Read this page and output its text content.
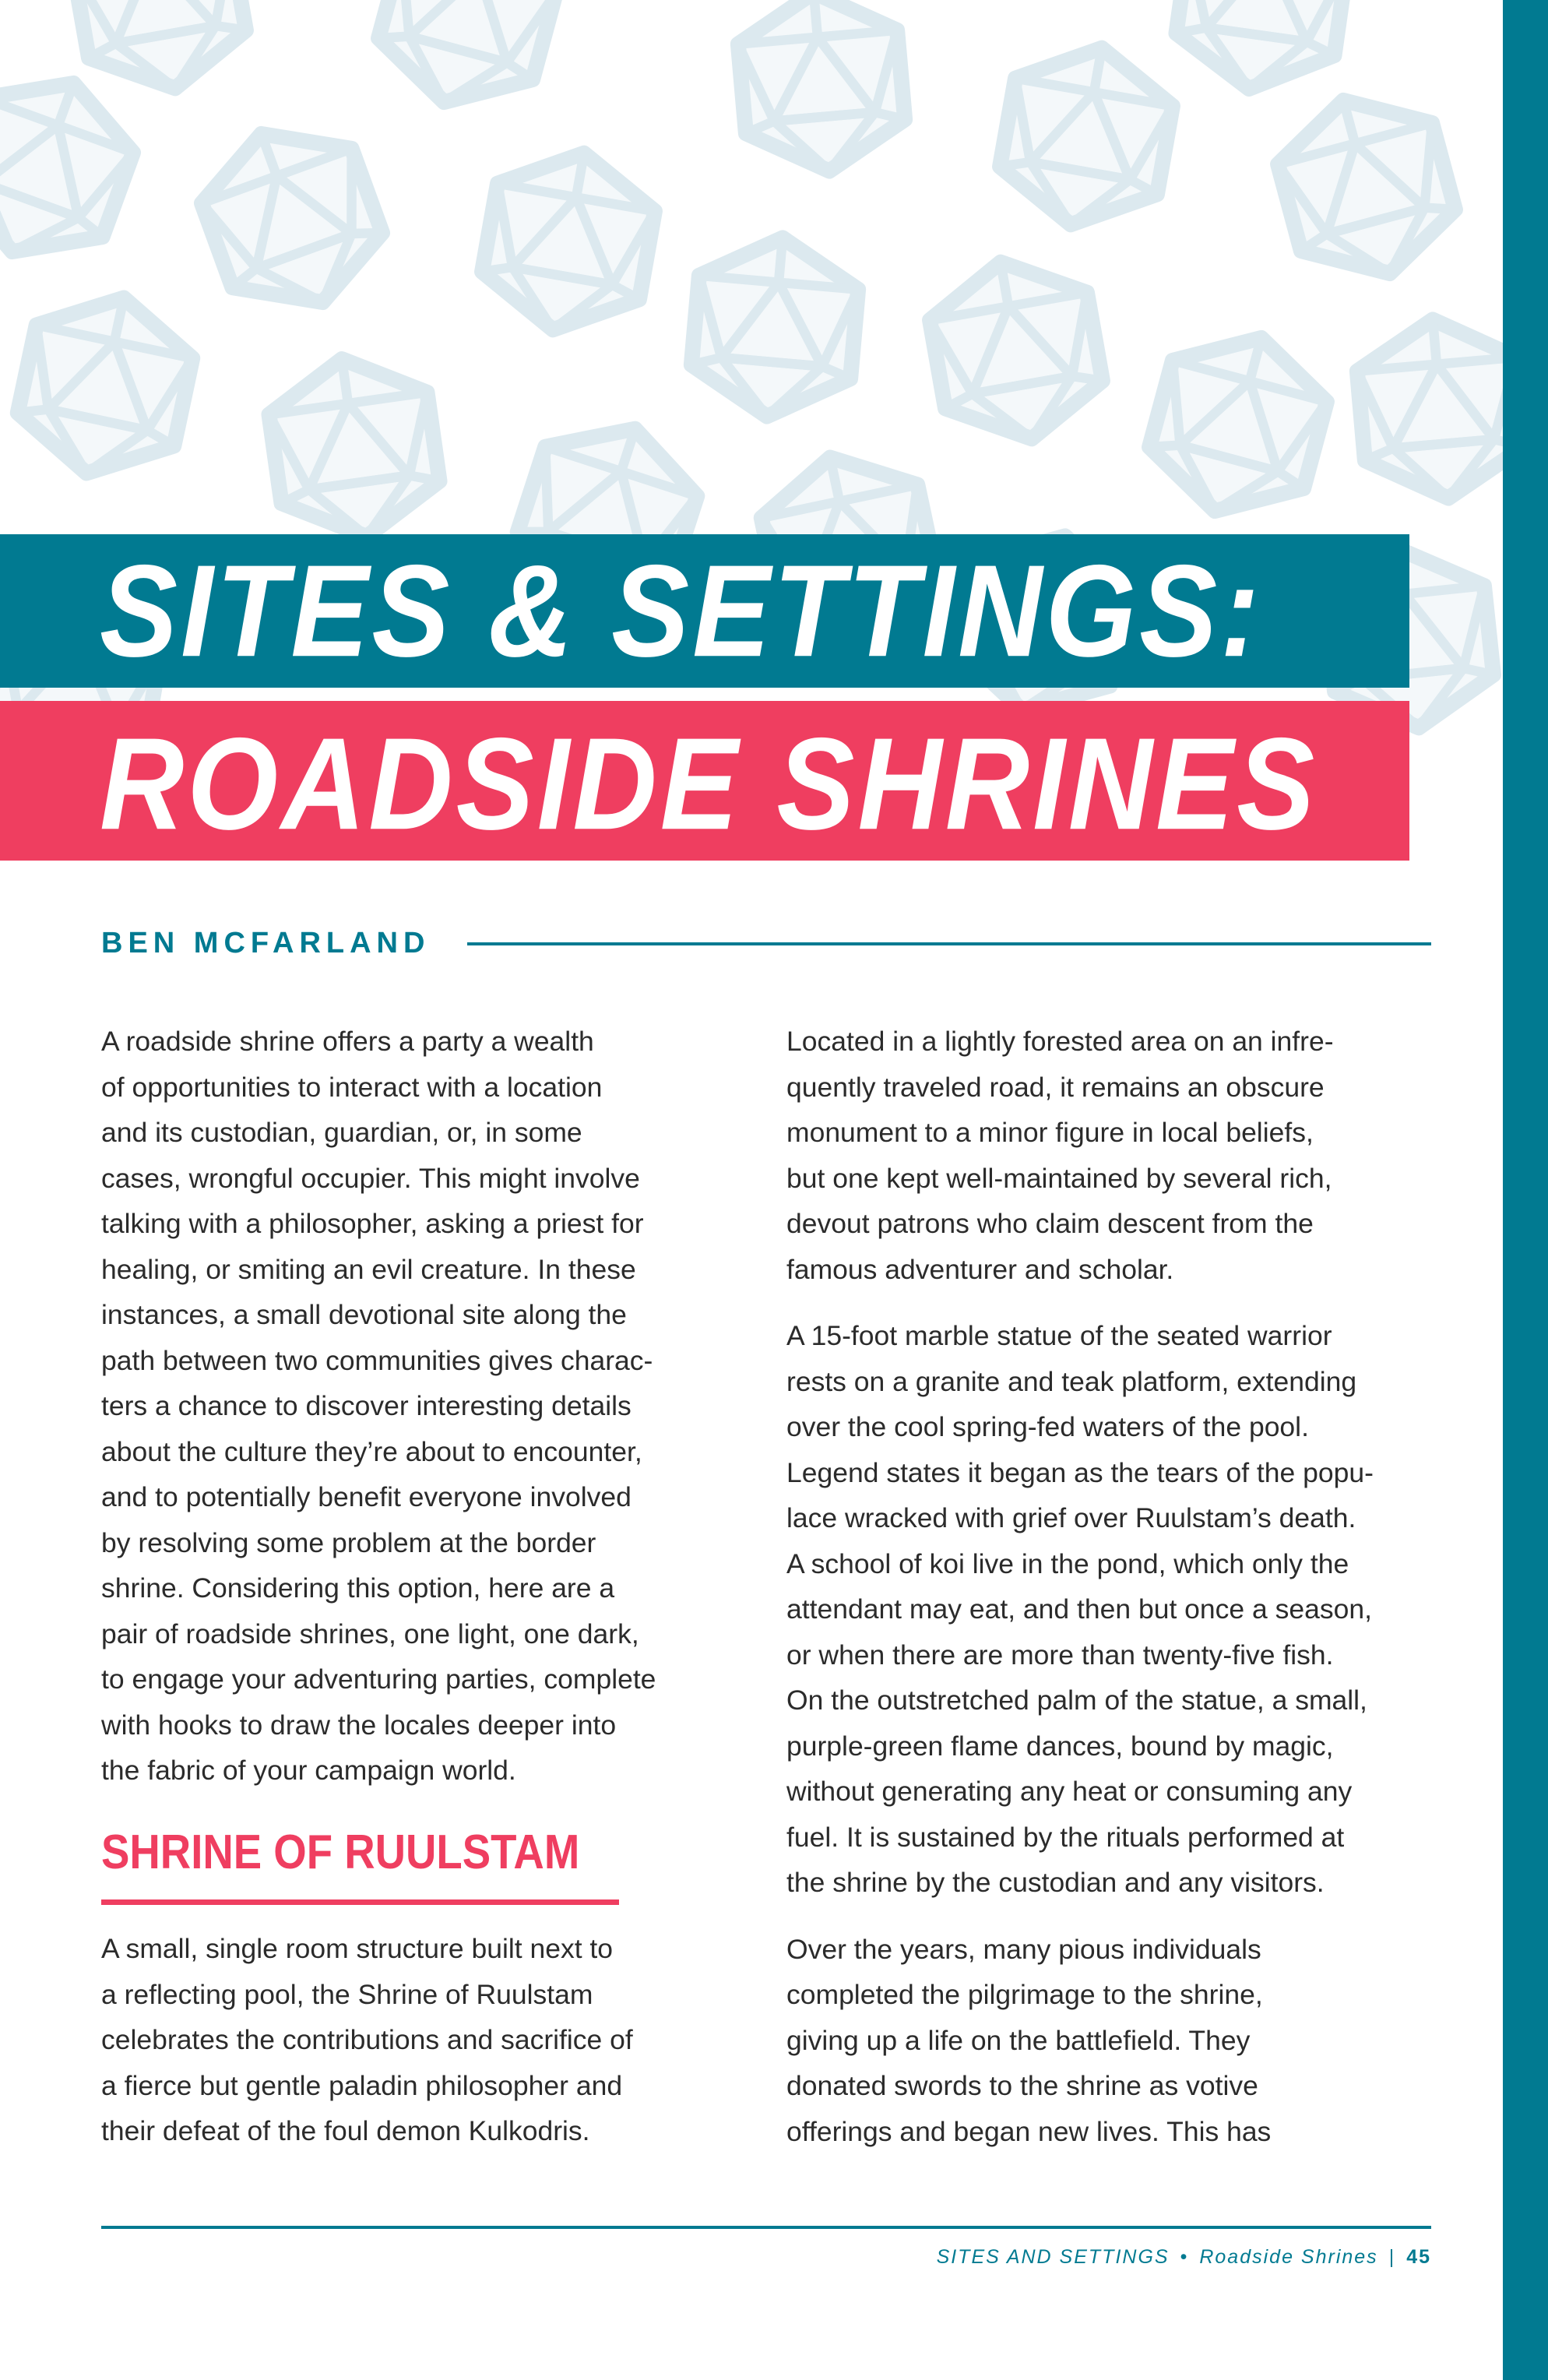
SITES & SETTINGS:
ROADSIDE SHRINES
BEN MCFARLAND

A roadside shrine offers a party a wealth
of opportunities to interact with a location
and its custodian, guardian, or, in some
cases, wrongful occupier. This might involve
talking with a philosopher, asking a priest for
healing, or smiting an evil creature. In these
instances, a small devotional site along the
path between two communities gives charac-
ters a chance to discover interesting details
about the culture they’re about to encounter,
and to potentially benefit everyone involved
by resolving some problem at the border
shrine. Considering this option, here are a
pair of roadside shrines, one light, one dark,
to engage your adventuring parties, complete
with hooks to draw the locales deeper into
the fabric of your campaign world.

SHRINE OF RUULSTAM

A small, single room structure built next to
a reflecting pool, the Shrine of Ruulstam
celebrates the contributions and sacrifice of
a fierce but gentle paladin philosopher and
their defeat of the foul demon Kulkodris.

Located in a lightly forested area on an infre-
quently traveled road, it remains an obscure
monument to a minor figure in local beliefs,
but one kept well-maintained by several rich,
devout patrons who claim descent from the
famous adventurer and scholar.

A 15-foot marble statue of the seated warrior
rests on a granite and teak platform, extending
over the cool spring-fed waters of the pool.
Legend states it began as the tears of the popu-
lace wracked with grief over Ruulstam’s death.
A school of koi live in the pond, which only the
attendant may eat, and then but once a season,
or when there are more than twenty-five fish.
On the outstretched palm of the statue, a small,
purple-green flame dances, bound by magic,
without generating any heat or consuming any
fuel. It is sustained by the rituals performed at
the shrine by the custodian and any visitors.

Over the years, many pious individuals
completed the pilgrimage to the shrine,
giving up a life on the battlefield. They
donated swords to the shrine as votive
offerings and began new lives. This has

SITES AND SETTINGS • Roadside Shrines | 45
